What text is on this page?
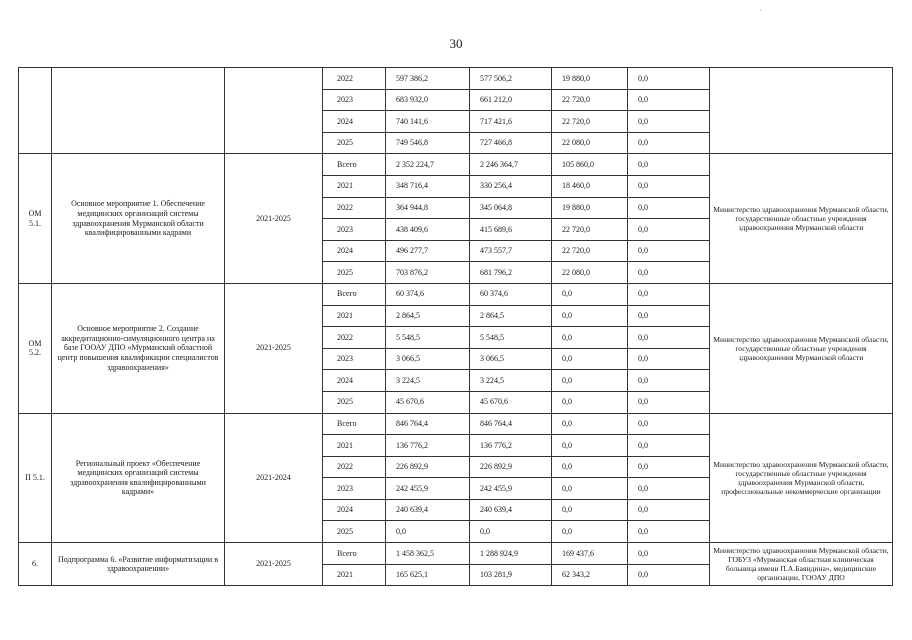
30
·
			2022	597 386,2	577 506,2	19 880,0	0,0	
			2023	683 932,0	661 212,0	22 720,0	0,0	
			2024	740 141,6	717 421,6	22 720,0	0,0	
			2025	749 546,8	727 466,8	22 080,0	0,0	
ОМ 5.1.	Основное мероприятие 1. Обеспечение медицинских организаций системы здравоохранения Мурманской области квалифицированными кадрами	2021-2025	Всего	2 352 224,7	2 246 364,7	105 860,0	0,0	Министерство здравоохранения Мурманской области, государственные областные учреждения здравоохранения Мурманской области
			2021	348 716,4	330 256,4	18 460,0	0,0	
			2022	364 944,8	345 064,8	19 880,0	0,0	
			2023	438 409,6	415 689,6	22 720,0	0,0	
			2024	496 277,7	473 557,7	22 720,0	0,0	
			2025	703 876,2	681 796,2	22 080,0	0,0	
ОМ 5.2.	Основное мероприятие 2. Создание аккредитационно-симуляционного центра на базе ГООАУ ДПО «Мурманский областной центр повышения квалификации специалистов здравоохранения»	2021-2025	Всего	60 374,6	60 374,6	0,0	0,0	Министерство здравоохранения Мурманской области, государственные областные учреждения здравоохранения Мурманской области
			2021	2 864,5	2 864,5	0,0	0,0	
			2022	5 548,5	5 548,5	0,0	0,0	
			2023	3 066,5	3 066,5	0,0	0,0	
			2024	3 224,5	3 224,5	0,0	0,0	
			2025	45 670,6	45 670,6	0,0	0,0	
П 5.1.	Региональный проект «Обеспечение медицинских организаций системы здравоохранения квалифицированными кадрами»	2021-2024	Всего	846 764,4	846 764,4	0,0	0,0	Министерство здравоохранения Мурманской области, государственные областные учреждения здравоохранения Мурманской области, профессиональные некоммерческие организации
			2021	136 776,2	136 776,2	0,0	0,0	
			2022	226 892,9	226 892,9	0,0	0,0	
			2023	242 455,9	242 455,9	0,0	0,0	
			2024	240 639,4	240 639,4	0,0	0,0	
			2025	0,0	0,0	0,0	0,0	
6.	Подпрограмма 6. «Развитие информатизации в здравоохранении»	2021-2025	Всего	1 458 362,5	1 288 924,9	169 437,6	0,0	Министерство здравоохранения Мурманской области, ГОБУЗ «Мурманская областная клиническая больница имени П.А.Баяндина», медицинские организации, ГООАУ ДПО
			2021	165 625,1	103 281,9	62 343,2	0,0	
